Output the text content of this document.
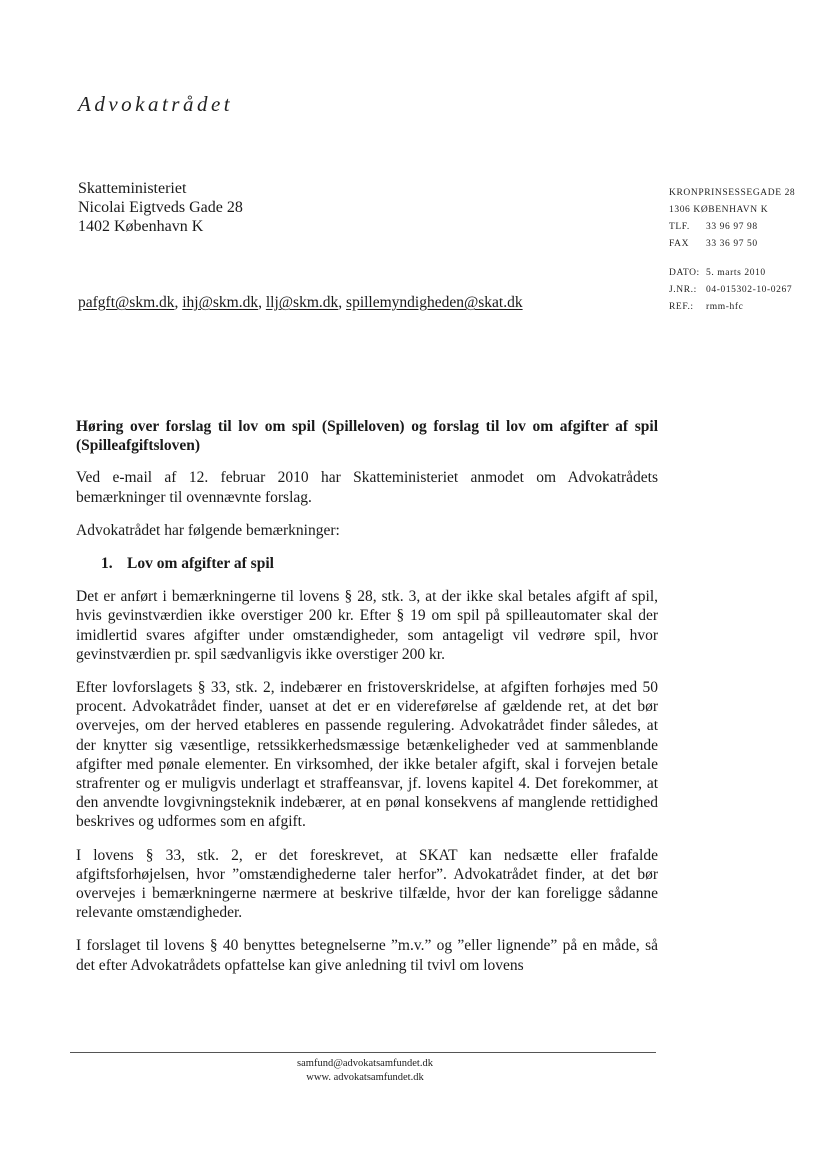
Advokatrådet
Skatteministeriet
Nicolai Eigtveds Gade 28
1402 København K
KRONPRINSESSEGADE 28
1306 KØBENHAVN K
TLF. 33 96 97 98
FAX 33 36 97 50
DATO: 5. marts 2010
J.NR.: 04-015302-10-0267
REF.: rmm-hfc
pafgft@skm.dk, ihj@skm.dk, llj@skm.dk, spillemyndigheden@skat.dk
Høring over forslag til lov om spil (Spilleloven) og forslag til lov om afgifter af spil (Spilleafgiftsloven)

Ved e-mail af 12. februar 2010 har Skatteministeriet anmodet om Advokatrådets bemærkninger til ovennævnte forslag.

Advokatrådet har følgende bemærkninger:

1. Lov om afgifter af spil

Det er anført i bemærkningerne til lovens § 28, stk. 3, at der ikke skal betales afgift af spil, hvis gevinstværdien ikke overstiger 200 kr. Efter § 19 om spil på spilleautomater skal der imidlertid svares afgifter under omstændigheder, som antageligt vil vedrøre spil, hvor gevinstværdien pr. spil sædvanligvis ikke overstiger 200 kr.

Efter lovforslagets § 33, stk. 2, indebærer en fristoverskridelse, at afgiften forhøjes med 50 procent. Advokatrådet finder, uanset at det er en videreførelse af gældende ret, at det bør overvejes, om der herved etableres en passende regulering. Advokatrådet finder således, at der knytter sig væsentlige, retssikkerhedsmæssige betænkeligheder ved at sammenblande afgifter med pønale elementer. En virksomhed, der ikke betaler afgift, skal i forvejen betale strafrenter og er muligvis underlagt et straffeansvar, jf. lovens kapitel 4. Det forekommer, at den anvendte lovgivningsteknik indebærer, at en pønal konsekvens af manglende rettidighed beskrives og udformes som en afgift.

I lovens § 33, stk. 2, er det foreskrevet, at SKAT kan nedsætte eller frafalde afgiftsforhøjelsen, hvor ”omstændighederne taler herfor”. Advokatrådet finder, at det bør overvejes i bemærkningerne nærmere at beskrive tilfælde, hvor der kan foreligge sådanne relevante omstændigheder.

I forslaget til lovens § 40 benyttes betegnelserne ”m.v.” og ”eller lignende” på en måde, så det efter Advokatrådets opfattelse kan give anledning til tvivl om lovens

samfund@advokatsamfundet.dk
www. advokatsamfundet.dk
